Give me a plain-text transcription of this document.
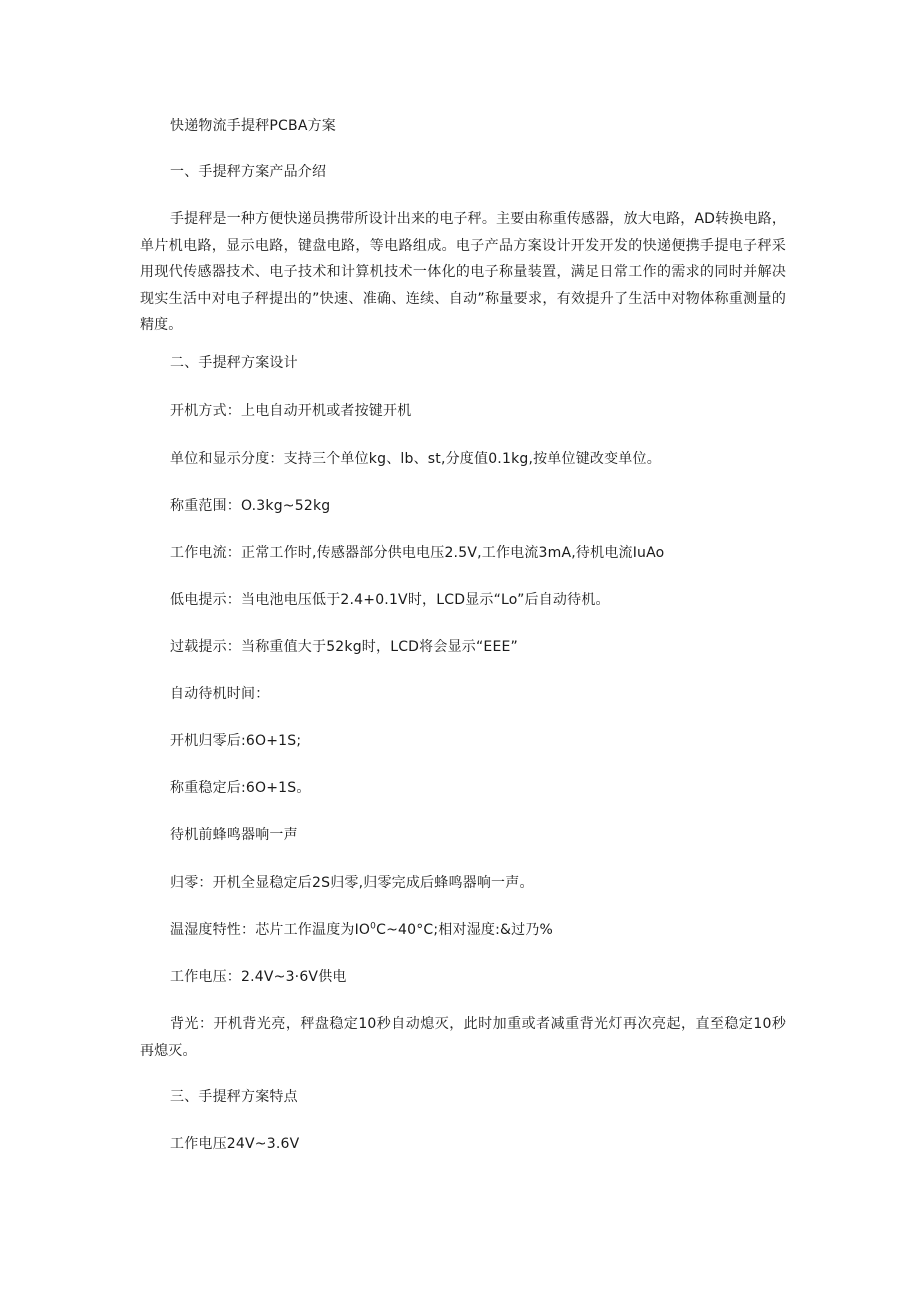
快递物流手提秤PCBA方案
一、手提秤方案产品介绍
手提秤是一种方便快递员携带所设计出来的电子秤。主要由称重传感器，放大电路，AD转换电路，单片机电路，显示电路，键盘电路，等电路组成。电子产品方案设计开发开发的快递便携手提电子秤采用现代传感器技术、电子技术和计算机技术一体化的电子称量装置，满足日常工作的需求的同时并解决现实生活中对电子秤提出的”快速、准确、连续、自动”称量要求，有效提升了生活中对物体称重测量的精度。
二、手提秤方案设计
开机方式：上电自动开机或者按键开机
单位和显示分度：支持三个单位kg、lb、st,分度值0.1kg,按单位键改变单位。
称重范围：O.3kg~52kg
工作电流：正常工作时,传感器部分供电电压2.5V,工作电流3mA,待机电流IuAo
低电提示：当电池电压低于2.4+0.1V时，LCD显示“Lo”后自动待机。
过载提示：当称重值大于52kg时，LCD将会显示“EEE”
自动待机时间：
开机归零后:6O+1S;
称重稳定后:6O+1S。
待机前蜂鸣器响一声
归零：开机全显稳定后2S归零,归零完成后蜂鸣器响一声。
温湿度特性：芯片工作温度为$IO^0C\sim 40^\circ C$;相对湿度:&过乃%
工作电压：2.4V~3·6V供电
背光：开机背光亮，秤盘稳定10秒自动熄灭，此时加重或者减重背光灯再次亮起，直至稳定10秒再熄灭。
三、手提秤方案特点
工作电压24V~3.6V
